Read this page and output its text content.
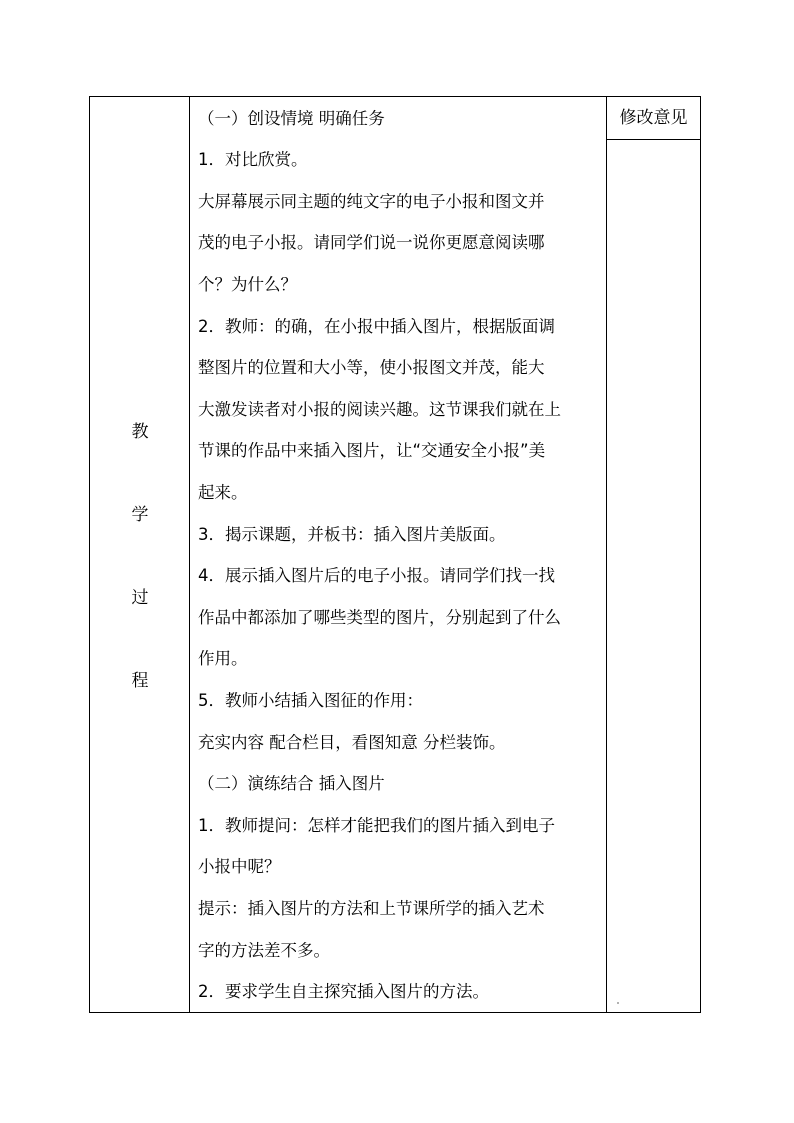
教
学
过
程
（一）创设情境 明确任务
1．对比欣赏。
大屏幕展示同主题的纯文字的电子小报和图文并
茂的电子小报。请同学们说一说你更愿意阅读哪
个？为什么？
2．教师：的确，在小报中插入图片，根据版面调
整图片的位置和大小等，使小报图文并茂，能大
大激发读者对小报的阅读兴趣。这节课我们就在上
节课的作品中来插入图片，让“交通安全小报”美
起来。
3．揭示课题，并板书：插入图片美版面。
4．展示插入图片后的电子小报。请同学们找一找
作品中都添加了哪些类型的图片，分别起到了什么
作用。
5．教师小结插入图征的作用：
充实内容 配合栏目，看图知意 分栏装饰。
（二）演练结合 插入图片
1．教师提问：怎样才能把我们的图片插入到电子
小报中呢？
提示：插入图片的方法和上节课所学的插入艺术
字的方法差不多。
2．要求学生自主探究插入图片的方法。
修改意见
